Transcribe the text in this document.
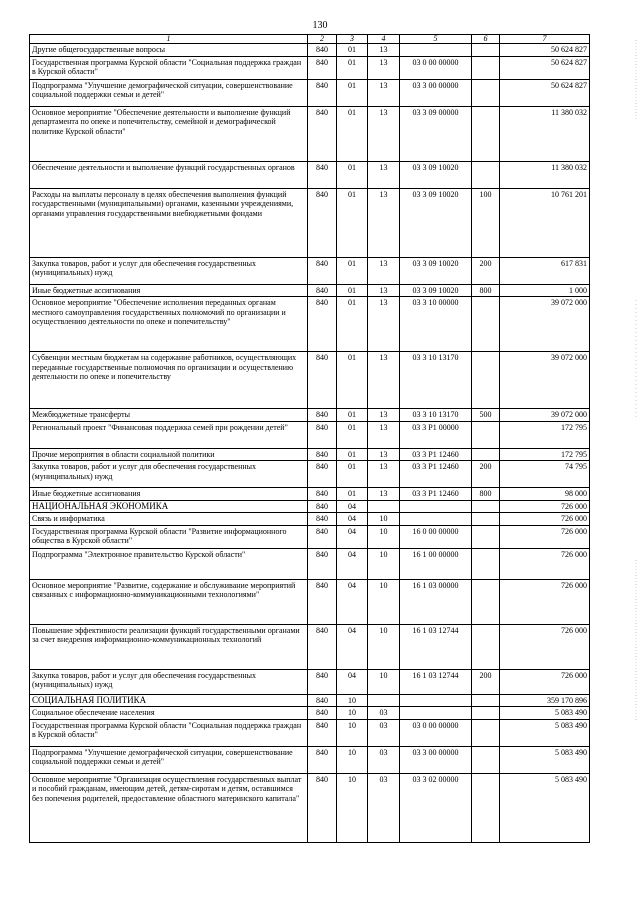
130
1	2	3	4	5	6	7
Другие общегосударственные вопросы	840	01	13			50 624 827
Государственная программа Курской области "Социальная поддержка граждан в Курской области"	840	01	13	03 0 00 00000		50 624 827
Подпрограмма "Улучшение демографической ситуации, совершенствование социальной поддержки семьи и детей"	840	01	13	03 3 00 00000		50 624 827
Основное мероприятие "Обеспечение деятельности и выполнение функций департамента по опеке и попечительству, семейной и демографической политике Курской области"	840	01	13	03 3 09 00000		11 380 032
Обеспечение деятельности и выполнение функций государственных органов	840	01	13	03 3 09 10020		11 380 032
Расходы на выплаты персоналу в целях обеспечения выполнения функций государственными (муниципальными) органами, казенными учреждениями, органами управления государственными внебюджетными фондами	840	01	13	03 3 09 10020	100	10 761 201
Закупка товаров, работ и услуг для обеспечения государственных (муниципальных) нужд	840	01	13	03 3 09 10020	200	617 831
Иные бюджетные ассигнования	840	01	13	03 3 09 10020	800	1 000
Основное мероприятие "Обеспечение исполнения переданных органам местного самоуправления государственных полномочий по организации и осуществлению деятельности по опеке и попечительству"	840	01	13	03 3 10 00000		39 072 000
Субвенции местным бюджетам на содержание работников, осуществляющих переданные государственные полномочия по организации и осуществлению деятельности по опеке и попечительству	840	01	13	03 3 10 13170		39 072 000
Межбюджетные трансферты	840	01	13	03 3 10 13170	500	39 072 000
Региональный проект "Финансовая поддержка семей при рождении детей"	840	01	13	03 3 P1 00000		172 795
Прочие мероприятия в области социальной политики	840	01	13	03 3 P1 12460		172 795
Закупка товаров, работ и услуг для обеспечения государственных (муниципальных) нужд	840	01	13	03 3 P1 12460	200	74 795
Иные бюджетные ассигнования	840	01	13	03 3 P1 12460	800	98 000
НАЦИОНАЛЬНАЯ ЭКОНОМИКА	840	04				726 000
Связь и информатика	840	04	10			726 000
Государственная программа Курской области "Развитие информационного общества в Курской области"	840	04	10	16 0 00 00000		726 000
Подпрограмма "Электронное правительство Курской области"	840	04	10	16 1 00 00000		726 000
Основное мероприятие "Развитие, содержание и обслуживание мероприятий связанных с информационно-коммуникационными технологиями"	840	04	10	16 1 03 00000		726 000
Повышение эффективности реализации функций государственными органами за счет внедрения информационно-коммуникационных технологий	840	04	10	16 1 03 12744		726 000
Закупка товаров, работ и услуг для обеспечения государственных (муниципальных) нужд	840	04	10	16 1 03 12744	200	726 000
СОЦИАЛЬНАЯ ПОЛИТИКА	840	10				359 170 896
Социальное обеспечение населения	840	10	03			5 083 490
Государственная программа Курской области "Социальная поддержка граждан в Курской области"	840	10	03	03 0 00 00000		5 083 490
Подпрограмма "Улучшение демографической ситуации, совершенствование социальной поддержки семьи и детей"	840	10	03	03 3 00 00000		5 083 490
Основное мероприятие "Организация осуществления государственных выплат и пособий гражданам, имеющим детей, детям-сиротам и детям, оставшимся без попечения родителей, предоставление областного материнского капитала"	840	10	03	03 3 02 00000		5 083 490
